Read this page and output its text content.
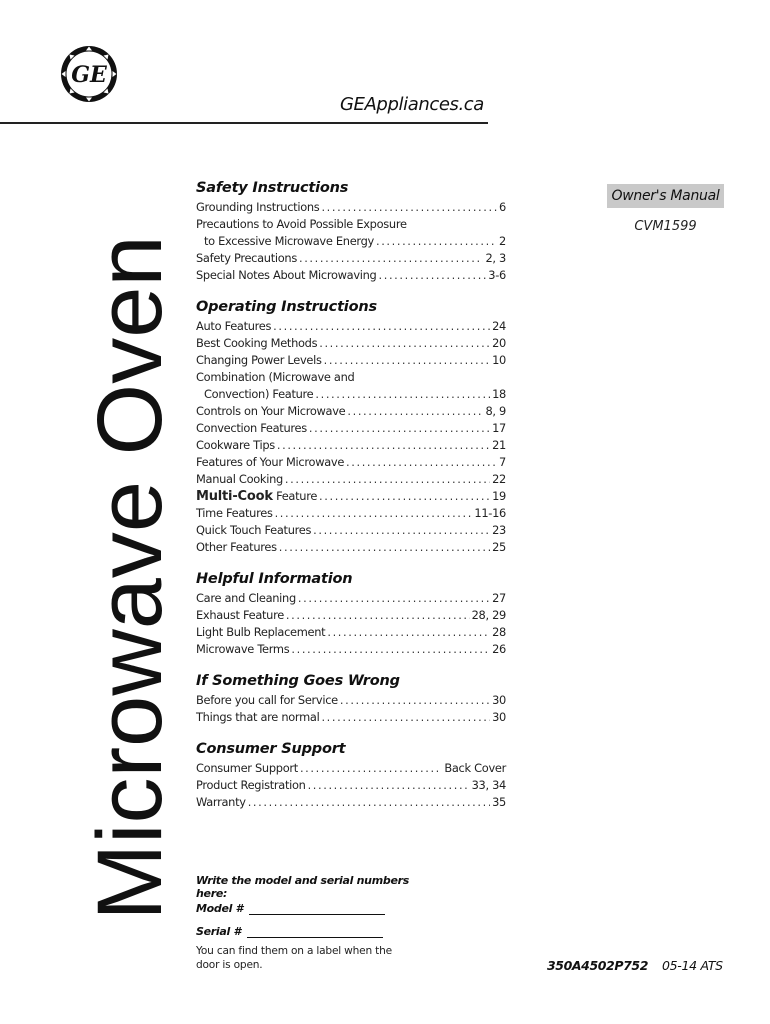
GE
GEAppliances.ca
Microwave Oven
Safety Instructions
Grounding Instructions .....	6
Precautions to Avoid Possible Exposure
to Excessive Microwave Energy .....	2
Safety Precautions .....	2, 3
Special Notes About Microwaving .....	3-6
Operating Instructions
Auto Features .....	24
Best Cooking Methods .....	20
Changing Power Levels .....	10
Combination (Microwave and
Convection) Feature .....	18
Controls on Your Microwave .....	8, 9
Convection Features .....	17
Cookware Tips .....	21
Features of Your Microwave .....	7
Manual Cooking .....	22
Multi-Cook Feature .....	19
Time Features .....	11-16
Quick Touch Features .....	23
Other Features .....	25
Helpful Information
Care and Cleaning .....	27
Exhaust Feature .....	28, 29
Light Bulb Replacement .....	28
Microwave Terms .....	26
If Something Goes Wrong
Before you call for Service .....	30
Things that are normal .....	30
Consumer Support
Consumer Support .....	Back Cover
Product Registration .....	33, 34
Warranty .....	35
Owner's Manual
CVM1599
Write the model and serial numbers here:
Model #
Serial #
You can find them on a label when the door is open.	350A4502P752 05-14 ATS
